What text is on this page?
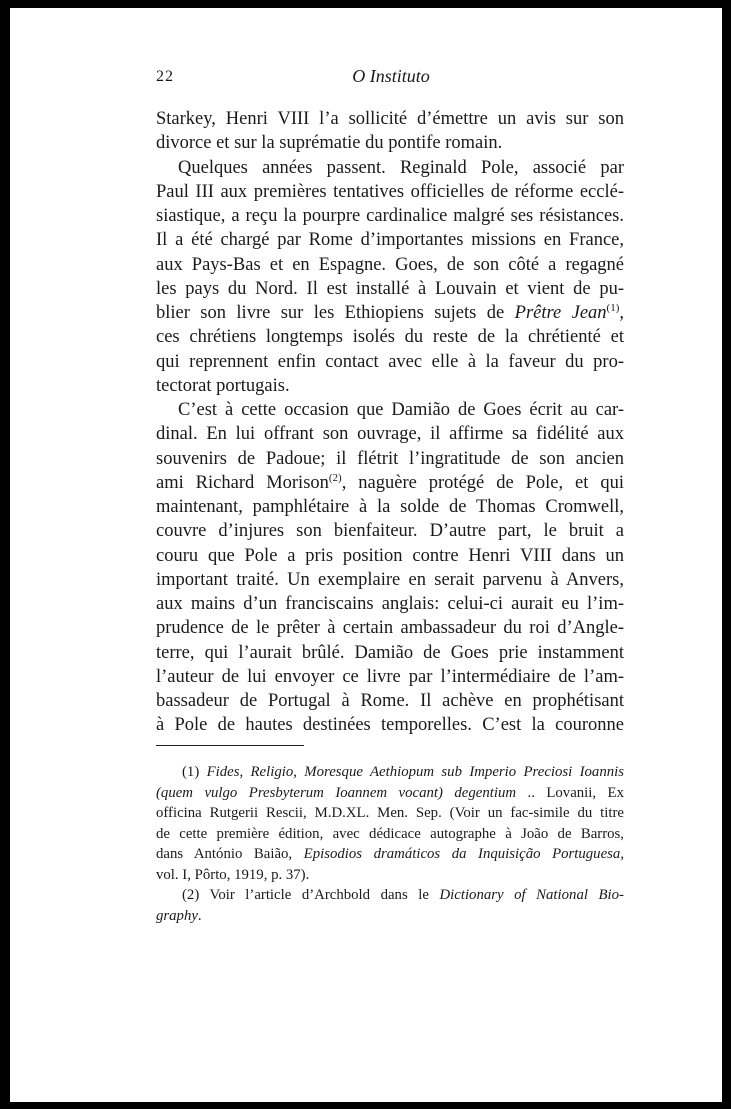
22	O Instituto

Starkey, Henri VIII l’a sollicité d’émettre un avis sur son

divorce et sur la suprématie du pontife romain.

Quelques années passent. Reginald Pole, associé par

Paul III aux premières tentatives officielles de réforme ecclé-

siastique, a reçu la pourpre cardinalice malgré ses résistances.

Il a été chargé par Rome d’importantes missions en France,

aux Pays-Bas et en Espagne. Goes, de son côté a regagné

les pays du Nord. Il est installé à Louvain et vient de pu-

blier son livre sur les Ethiopiens sujets de Prêtre Jean$^{(1)}$,

ces chrétiens longtemps isolés du reste de la chrétienté et

qui reprennent enfin contact avec elle à la faveur du pro-

tectorat portugais.

C’est à cette occasion que Damião de Goes écrit au car-

dinal. En lui offrant son ouvrage, il affirme sa fidélité aux

souvenirs de Padoue; il flétrit l’ingratitude de son ancien

ami Richard Morison$^{(2)}$, naguère protégé de Pole, et qui

maintenant, pamphlétaire à la solde de Thomas Cromwell,

couvre d’injures son bienfaiteur. D’autre part, le bruit a

couru que Pole a pris position contre Henri VIII dans un

important traité. Un exemplaire en serait parvenu à Anvers,

aux mains d’un franciscains anglais: celui-ci aurait eu l’im-

prudence de le prêter à certain ambassadeur du roi d’Angle-

terre, qui l’aurait brûlé. Damião de Goes prie instamment

l’auteur de lui envoyer ce livre par l’intermédiaire de l’am-

bassadeur de Portugal à Rome. Il achève en prophétisant

à Pole de hautes destinées temporelles. C’est la couronne

(1) Fides, Religio, Moresque Aethiopum sub Imperio Preciosi Ioannis

(quem vulgo Presbyterum Ioannem vocant) degentium .. Lovanii, Ex

officina Rutgerii Rescii, M.D.XL. Men. Sep. (Voir un fac-simile du titre

de cette première édition, avec dédicace autographe à João de Barros,

dans António Baião, Episodios dramáticos da Inquisição Portuguesa,

vol. I, Pôrto, 1919, p. 37).

(2) Voir l’article d’Archbold dans le Dictionary of National Bio-

graphy.
